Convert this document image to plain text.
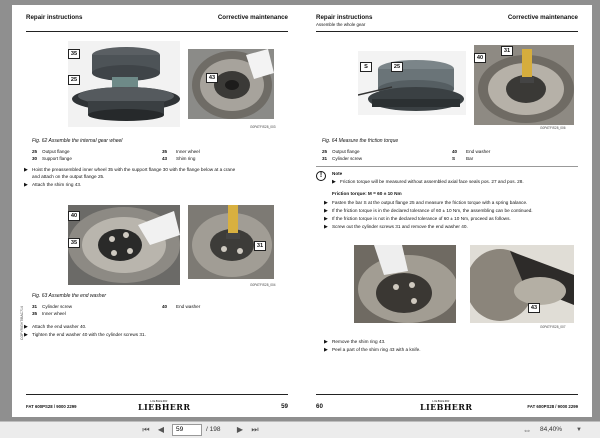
Repair instructions	Corrective maintenance
35
25	43
G0PATFIS28_003
Fig. 62 Assemble the internal gear wheel
25	Output flange	35	Inner wheel
30	Support flange	43	Shim ring
▶ Hoist the preassembled inner wheel 35 with the support flange 30 with the flange below at a crane
and attach on the output flange 25.
▶ Attach the shim ring 43.
40
35	31
G0PATFIS28_004
Fig. 63 Assemble the end washer
31	Cylinder screw	40	End washer
35	Inner wheel
▶ Attach the end washer 40.
▶ Tighten the end washer 40 with the cylinder screws 31.
COPYRIGHT/BAC714
FAT 600PS28 / 9000 2299
LIEBHERR
LIEBHERR	59
Repair instructions	Corrective maintenance
Assemble the whole gear
S	25
40
31
G0PATFIS28_006
Fig. 64 Measure the friction torque
25	Output flange	40	End washer
31	Cylinder screw	S	Bar
!	Note
▶ Friction torque will be measured without assembled axial face seals pos. 27 and pos. 28.
Friction torque: M = 60 ± 10 Nm
▶ Fasten the bar S at the output flange 25 and measure the friction torque with a spring balance.
▶ If the friction torque is in the declared tolerance of 60 ± 10 Nm, the assembling can be continued.
▶ If the friction torque is not in the declared tolerance of 60 ± 10 Nm, proceed as follows.
▶ Screw out the cylinder screws 31 and remove the end washer 40.
43
G0PATFIS28_007
▶ Remove the shim ring 43.
▶ Peel a part of the shim ring 43 with a knife.
60
LIEBHERR
LIEBHERR	FAT 600PS28 / 9000 2299
⏮	◀	59	/ 198	▶	⏭	⇔	84,40%	▼
